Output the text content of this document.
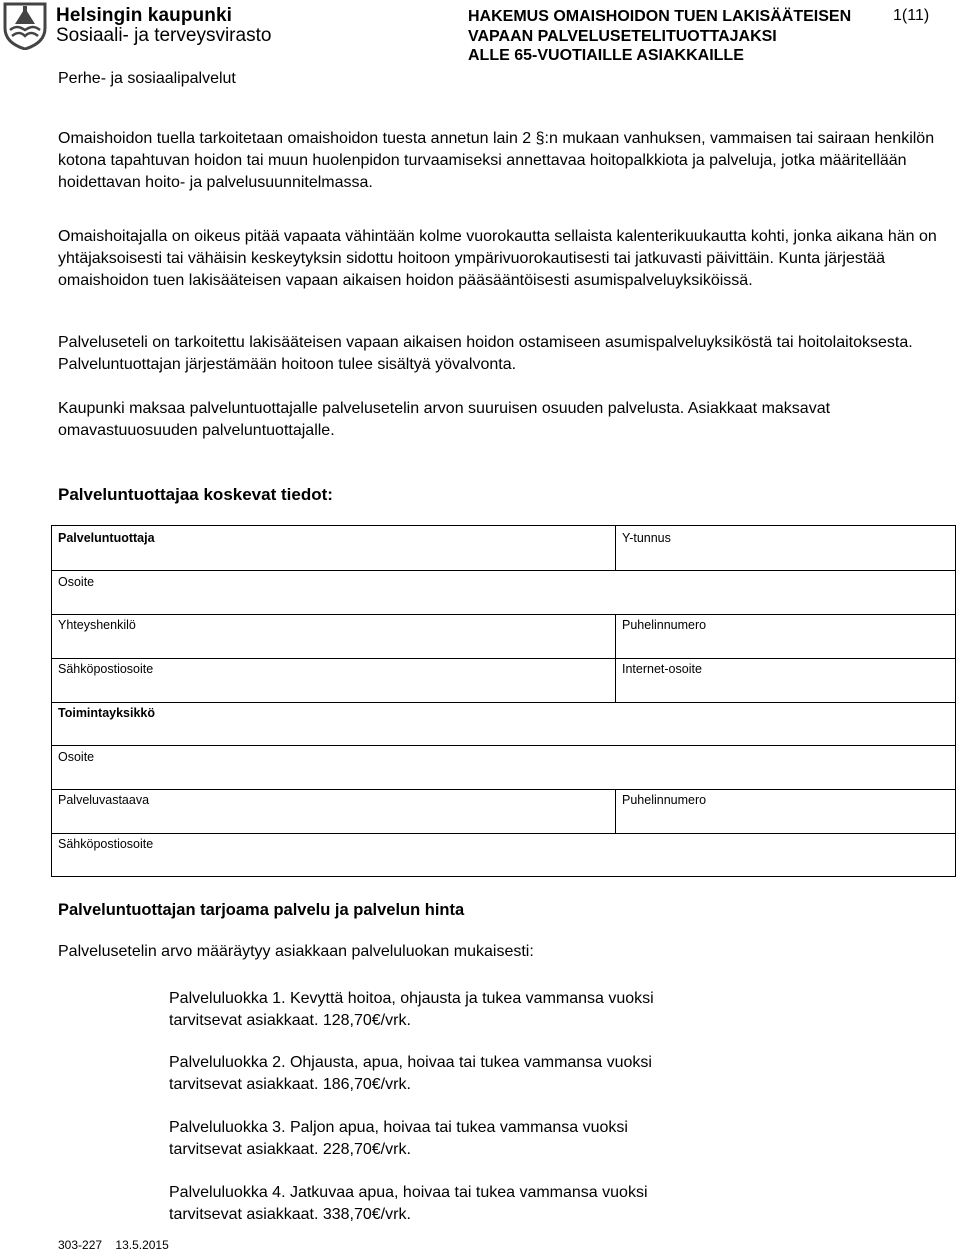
Helsingin kaupunki
Sosiaali- ja terveysvirasto
Perhe- ja sosiaalipalvelut
HAKEMUS OMAISHOIDON TUEN LAKISÄÄTEISEN
VAPAAN PALVELUSETELITUOTTAJAKSI
ALLE 65-VUOTIAILLE ASIAKKAILLE
1(11)
Omaishoidon tuella tarkoitetaan omaishoidon tuesta annetun lain 2 §:n mukaan vanhuksen, vammaisen tai sairaan henkilön kotona tapahtuvan hoidon tai muun huolenpidon turvaamiseksi annettavaa hoitopalkkiota ja palveluja, jotka määritellään hoidettavan hoito- ja palvelusuunnitelmassa.
Omaishoitajalla on oikeus pitää vapaata vähintään kolme vuorokautta sellaista kalenterikuukautta kohti, jonka aikana hän on yhtäjaksoisesti tai vähäisin keskeytyksin sidottu hoitoon ympärivuorokautisesti tai jatkuvasti päivittäin. Kunta järjestää omaishoidon tuen lakisääteisen vapaan aikaisen hoidon pääsääntöisesti asumispalveluyksiköissä.
Palveluseteli on tarkoitettu lakisääteisen vapaan aikaisen hoidon ostamiseen asumispalveluyksiköstä tai hoitolaitoksesta. Palveluntuottajan järjestämään hoitoon tulee sisältyä yövalvonta.
Kaupunki maksaa palveluntuottajalle palvelusetelin arvon suuruisen osuuden palvelusta. Asiakkaat maksavat omavastuuosuuden palveluntuottajalle.
Palveluntuottajaa koskevat tiedot:
Palveluntuottaja	Y-tunnus
Osoite
Yhteyshenkilö	Puhelinnumero
Sähköpostiosoite	Internet-osoite
Toimintayksikkö
Osoite
Palveluvastaava	Puhelinnumero
Sähköpostiosoite
Palveluntuottajan tarjoama palvelu ja palvelun hinta
Palvelusetelin arvo määräytyy asiakkaan palveluluokan mukaisesti:
Palveluluokka 1. Kevyttä hoitoa, ohjausta ja tukea vammansa vuoksi
tarvitsevat asiakkaat. 128,70€/vrk.
Palveluluokka 2. Ohjausta, apua, hoivaa tai tukea vammansa vuoksi
tarvitsevat asiakkaat. 186,70€/vrk.
Palveluluokka 3. Paljon apua, hoivaa tai tukea vammansa vuoksi
tarvitsevat asiakkaat. 228,70€/vrk.
Palveluluokka 4. Jatkuvaa apua, hoivaa tai tukea vammansa vuoksi
tarvitsevat asiakkaat. 338,70€/vrk.
303-227 13.5.2015
